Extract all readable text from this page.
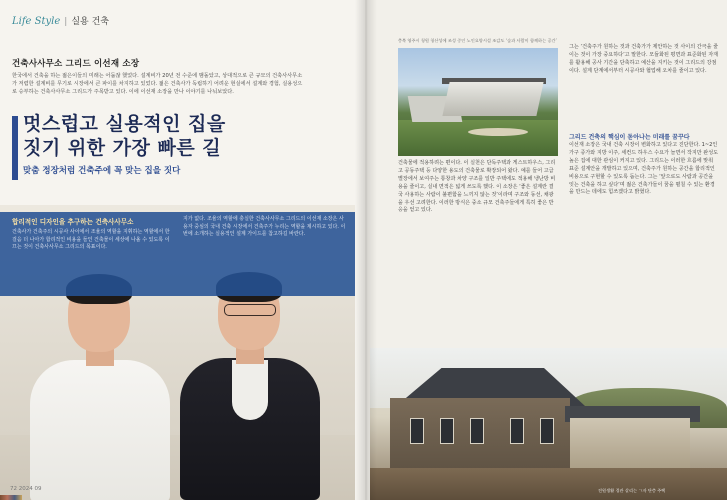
Life Style | 실용 건축
건축사사무소 그리드 이선재 소장
한국에서 건축을 하는 젊은이들의 미래는 어둡잖 했었다. 설계비가 20년 전 수준에 맴돌았고, 상대적으로 큰 규모의 건축사사무소가 저렴한 설계비를 무기로 시장에서 큰 파이를 차지하고 있었다. 젊은 건축사가 독립하기 어려운 현실에서 설계와 경험, 실용성으로 승부하는 건축사사무소 그리드가 주목받고 있다. 이에 이선재 소장을 만나 이야기를 나눠보았다.
멋스럽고 실용적인 집을
짓기 위한 가장 빠른 길
맞춤 정장처럼 건축주에 꼭 맞는 집을 짓다
합리적인 디자인을 추구하는 건축사사무소

건축사가 건축주의 시공사 사이에서 조율의 역할을 지휘하는 역할에서 한 걸음 더 나아가 합리적인 비용을 들인 건축물이 세상에 나올 수 있도록 이끄는 것이 건축사사무소 그리드의 목표이다.

지가 없다. 조율의 역할에 충실한 건축사사무소 그리드의 이선재 소장은 사용자 중심의 국내 건축 시장에서 건축주가 누리는 역할을 제시하고 있다. 이번에 소개하는 실용적인 설계 가이드를 참고하길 바란다.

72 2024 09
충북 영주시 청원 청산성에 조성 중인 노인요양시설 조감도 ‘숲과 사람이 함께하는 공간’
건축물에 적용하려는 편이다. 이 실천은 단독주택과 게스트하우스, 그리고 공동주택 등 다양한 용도의 건축물로 확장되어 왔다. 예를 들어 고급 별장에서 보여주는 통창과 차양 구조를 일반 주택에도 적용해 냉난방 비용을 줄이고, 실내 면적은 넓게 쓰도록 했다. 이 소장은 ‘좋은 설계란 결국 사용하는 사람이 불편함을 느끼지 않는 것’이라며 구조와 동선, 채광을 우선 고려한다. 이러한 방식은 중소 규모 건축주들에게 특히 좋은 반응을 얻고 있다.
그는 ‘건축주가 원하는 것과 건축가가 제안하는 것 사이의 간극을 줄이는 것이 가장 중요하다’고 말한다. 모듈화된 평면과 표준화된 자재를 활용해 공사 기간을 단축하고 예산을 지키는 것이 그리드의 강점이다. 설계 단계에서부터 시공사와 협업해 오차를 줄이고 있다.
그리드 건축의 핵심이 돋아나는 미래를 꿈꾸다
이선재 소장은 국내 건축 시장이 변화하고 있다고 진단한다. 1~2인 가구 증가와 지방 이주, 세컨드 하우스 수요가 늘면서 작지만 완성도 높은 집에 대한 관심이 커지고 있다. 그리드는 이러한 흐름에 맞춰 표준 설계안을 개발하고 있으며, 건축주가 원하는 공간을 합리적인 비용으로 구현할 수 있도록 돕는다. 그는 ‘앞으로도 사람과 공간을 잇는 건축을 하고 싶다’며 젊은 건축가들이 꿈을 펼칠 수 있는 환경을 만드는 데에도 힘쓰겠다고 밝혔다.
전원생활 경관 살리는 ㄱ자 단층 주택
